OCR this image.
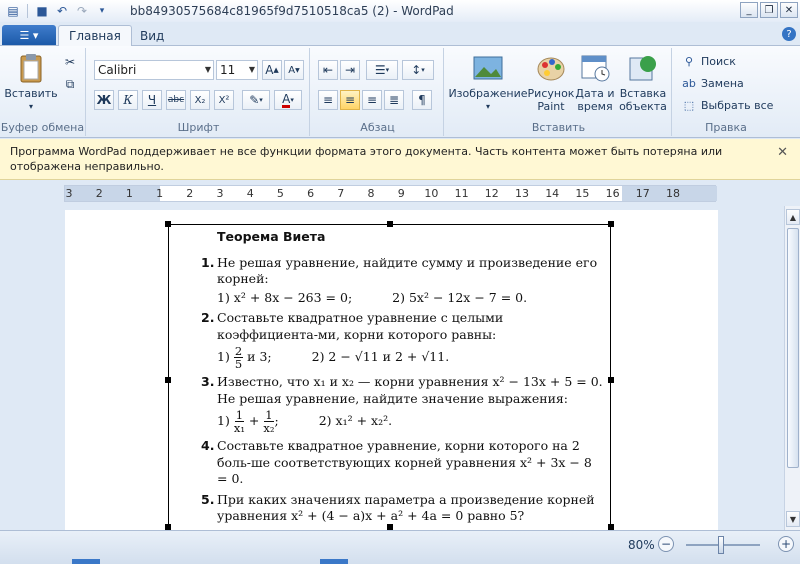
▤ ■ ↶ ↷	▾	bb84930575684c81965f9d7510518ca5 (2) - WordPad	_	❐	✕
☰ ▾	Главная	Вид	?
Вставить
▾
✂
⧉
Буфер обмена
Calibri	▼ 11 ▼ A ▲ A ▼
Ж	К	Ч	abc	X₂	X²	✎ ▾ A ▾
Шрифт
⇤ ⇥	☰ ▾	↕ ▾
≡ ≡ ≡ ≣	¶
Абзац
Изображение
▾
Рисунок Paint
Дата и время
Вставка объекта
Вставить
⚲ Поиск
ab Замена
⬚ Выбрать все
Правка
Программа WordPad поддерживает не все функции формата этого документа. Часть контента может быть потеряна или отображена неправильно.
✕
3 2 1 1 2 3 4 5 6 7 8 9 10 11 12 13 14 15 16 17 18
Теорема Виета
1. Не решая уравнение, найдите сумму и произведение его корней:
1) x² + 8x − 263 = 0;	2) 5x² − 12x − 7 = 0.
2. Составьте квадратное уравнение с целыми коэффициента-ми, корни которого равны:
$1) \frac{2}{5}$ и 3;	2) 2 − √11 и 2 + √11.
3. Известно, что x₁ и x₂ — корни уравнения x² − 13x + 5 = 0. Не решая уравнение, найдите значение выражения:
$1) \frac{1}{\text{x₁}} + \frac{1}{\text{x₂}}$ ;	2) x₁² + x₂².
4. Составьте квадратное уравнение, корни которого на 2 боль-ше соответствующих корней уравнения x² + 3x − 8 = 0.
5. При каких значениях параметра a произведение корней уравнения x² + (4 − a)x + a² + 4a = 0 равно 5?
▲
▼
80% −	+
